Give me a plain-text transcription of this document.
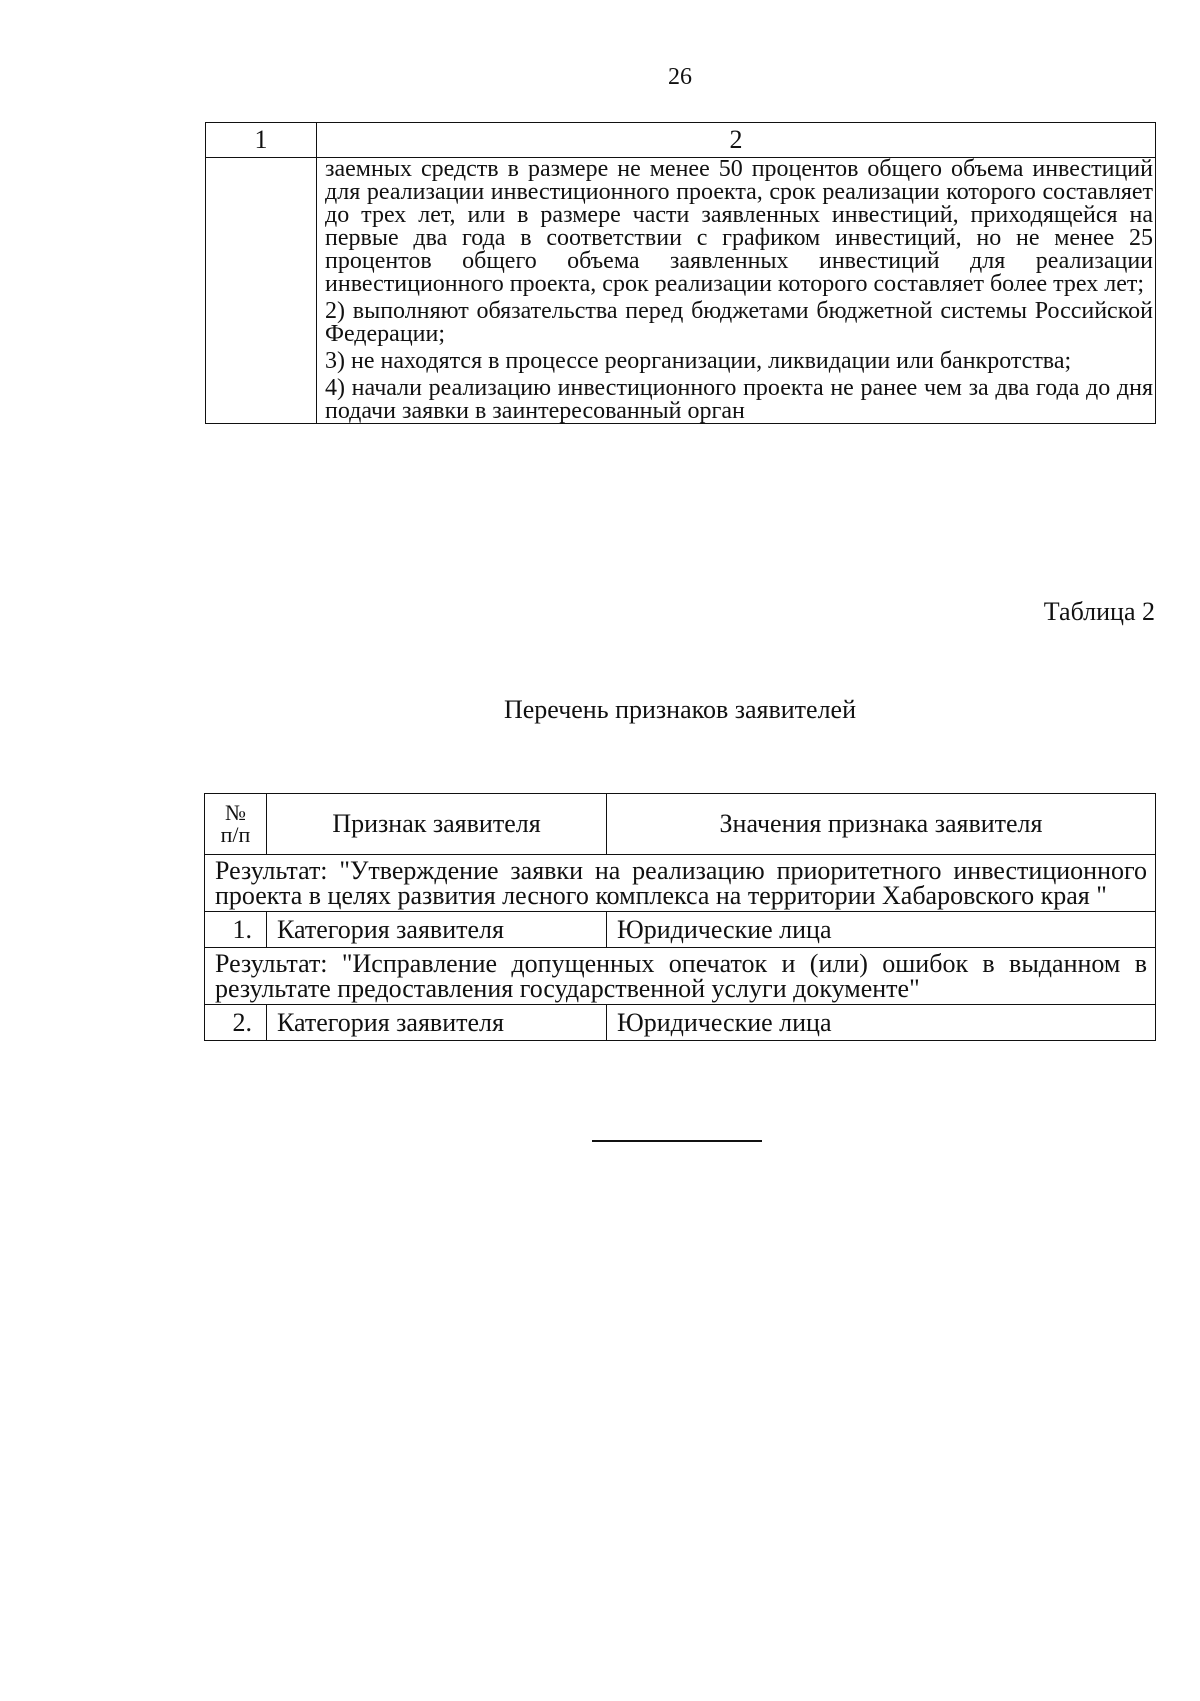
26
1	2

	заемных средств в размере не менее 50 процентов общего объема инвестиций для реализации инвестиционного проекта, срок реализации которого составляет до трех лет, или в размере части заявленных инвестиций, приходящейся на первые два года в соответствии с графиком инвестиций, но не менее 25 процентов общего объема заявленных инвестиций для реализации инвестиционного проекта, срок реализации которого составляет более трех лет;
2) выполняют обязательства перед бюджетами бюджетной системы Российской Федерации;
3) не находятся в процессе реорганизации, ликвидации или банкротства;
4) начали реализацию инвестиционного проекта не ранее чем за два года до дня подачи заявки в заинтересованный орган
Таблица 2
Перечень признаков заявителей
№
п/п	Признак заявителя	Значения признака заявителя
Результат: "Утверждение заявки на реализацию приоритетного инвестиционного проекта в целях развития лесного комплекса на территории Хабаровского края "		
1.	Категория заявителя	Юридические лица
Результат: "Исправление допущенных опечаток и (или) ошибок в выданном в результате предоставления государственной услуги документе"		
2.	Категория заявителя	Юридические лица
